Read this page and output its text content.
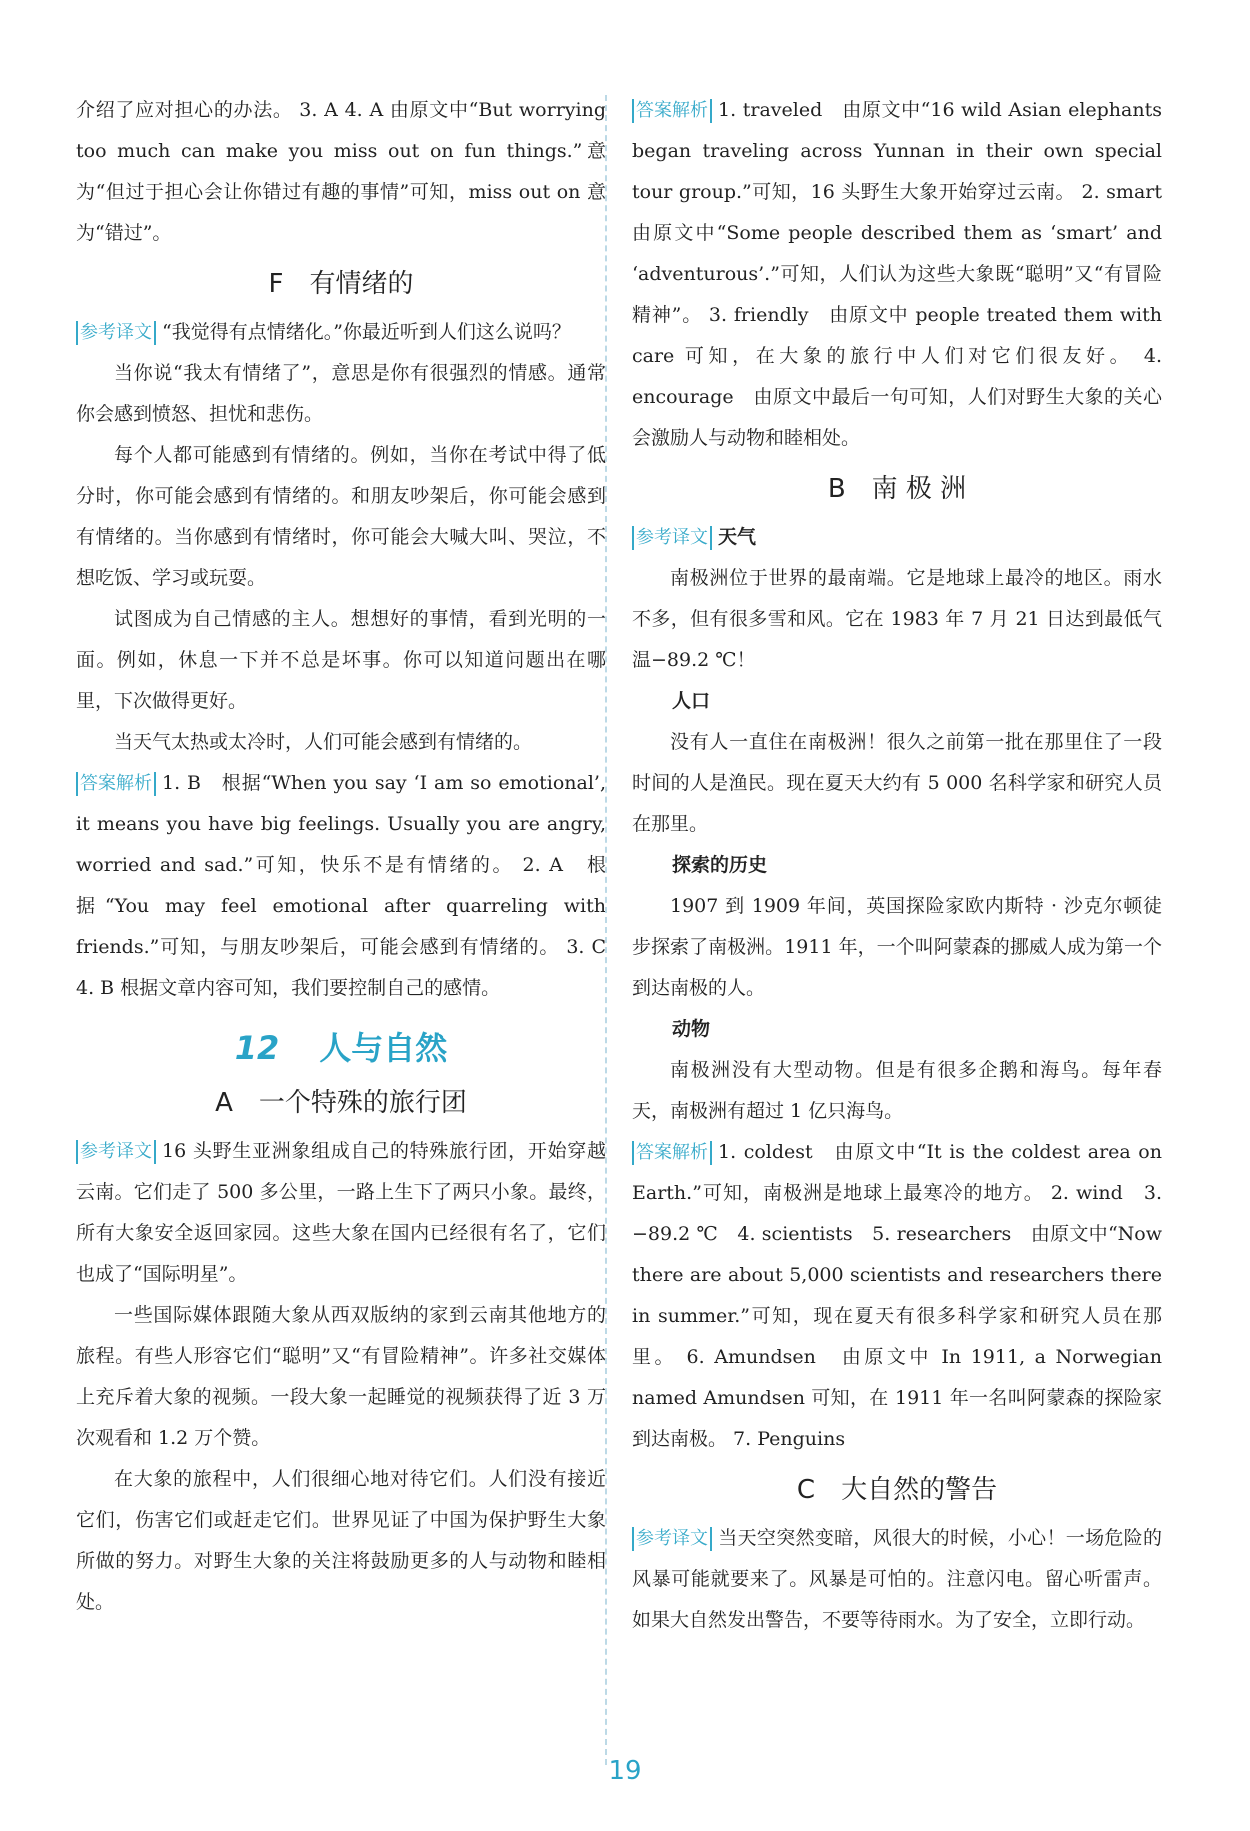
介绍了应对担心的办法。 3. A 4. A 由原文中“But worrying too much can make you miss out on fun things.”意为“但过于担心会让你错过有趣的事情”可知，miss out on 意为“错过”。

F　有情绪的

参考译文 “我觉得有点情绪化。”你最近听到人们这么说吗？

当你说“我太有情绪了”，意思是你有很强烈的情感。通常你会感到愤怒、担忧和悲伤。

每个人都可能感到有情绪的。例如，当你在考试中得了低分时，你可能会感到有情绪的。和朋友吵架后，你可能会感到有情绪的。当你感到有情绪时，你可能会大喊大叫、哭泣，不想吃饭、学习或玩耍。

试图成为自己情感的主人。想想好的事情，看到光明的一面。例如，休息一下并不总是坏事。你可以知道问题出在哪里，下次做得更好。

当天气太热或太冷时，人们可能会感到有情绪的。

答案解析 1. B　根据“When you say ‘I am so emotional’, it means you have big feelings. Usually you are angry, worried and sad.”可知，快乐不是有情绪的。 2. A　根据“You may feel emotional after quarreling with friends.”可知，与朋友吵架后，可能会感到有情绪的。 3. C 4. B 根据文章内容可知，我们要控制自己的感情。

12 人与自然
A　一个特殊的旅行团

参考译文 16 头野生亚洲象组成自己的特殊旅行团，开始穿越云南。它们走了 500 多公里，一路上生下了两只小象。最终，所有大象安全返回家园。这些大象在国内已经很有名了，它们也成了“国际明星”。

一些国际媒体跟随大象从西双版纳的家到云南其他地方的旅程。有些人形容它们“聪明”又“有冒险精神”。许多社交媒体上充斥着大象的视频。一段大象一起睡觉的视频获得了近 3 万次观看和 1.2 万个赞。

在大象的旅程中，人们很细心地对待它们。人们没有接近它们，伤害它们或赶走它们。世界见证了中国为保护野生大象所做的努力。对野生大象的关注将鼓励更多的人与动物和睦相处。

答案解析 1. traveled　由原文中“16 wild Asian elephants began traveling across Yunnan in their own special tour group.”可知，16 头野生大象开始穿过云南。 2. smart　由原文中“Some people described them as ‘smart’ and ‘adventurous’.”可知，人们认为这些大象既“聪明”又“有冒险精神”。 3. friendly　由原文中 people treated them with care 可知，在大象的旅行中人们对它们很友好。 4. encourage　由原文中最后一句可知，人们对野生大象的关心会激励人与动物和睦相处。

B　南 极 洲

参考译文 天气

南极洲位于世界的最南端。它是地球上最冷的地区。雨水不多，但有很多雪和风。它在 1983 年 7 月 21 日达到最低气温−89.2 ℃！

人口

没有人一直住在南极洲！很久之前第一批在那里住了一段时间的人是渔民。现在夏天大约有 5 000 名科学家和研究人员在那里。

探索的历史

1907 到 1909 年间，英国探险家欧内斯特 · 沙克尔顿徒步探索了南极洲。1911 年，一个叫阿蒙森的挪威人成为第一个到达南极的人。

动物

南极洲没有大型动物。但是有很多企鹅和海鸟。每年春天，南极洲有超过 1 亿只海鸟。

答案解析 1. coldest　由原文中“It is the coldest area on Earth.”可知，南极洲是地球上最寒冷的地方。 2. wind　3. −89.2 ℃　4. scientists　5. researchers　由原文中“Now there are about 5,000 scientists and researchers there in summer.”可知，现在夏天有很多科学家和研究人员在那里。 6. Amundsen　由原文中 In 1911, a Norwegian named Amundsen 可知，在 1911 年一名叫阿蒙森的探险家到达南极。 7. Penguins

C　大自然的警告

参考译文 当天空突然变暗，风很大的时候，小心！一场危险的风暴可能就要来了。风暴是可怕的。注意闪电。留心听雷声。如果大自然发出警告，不要等待雨水。为了安全，立即行动。

19
